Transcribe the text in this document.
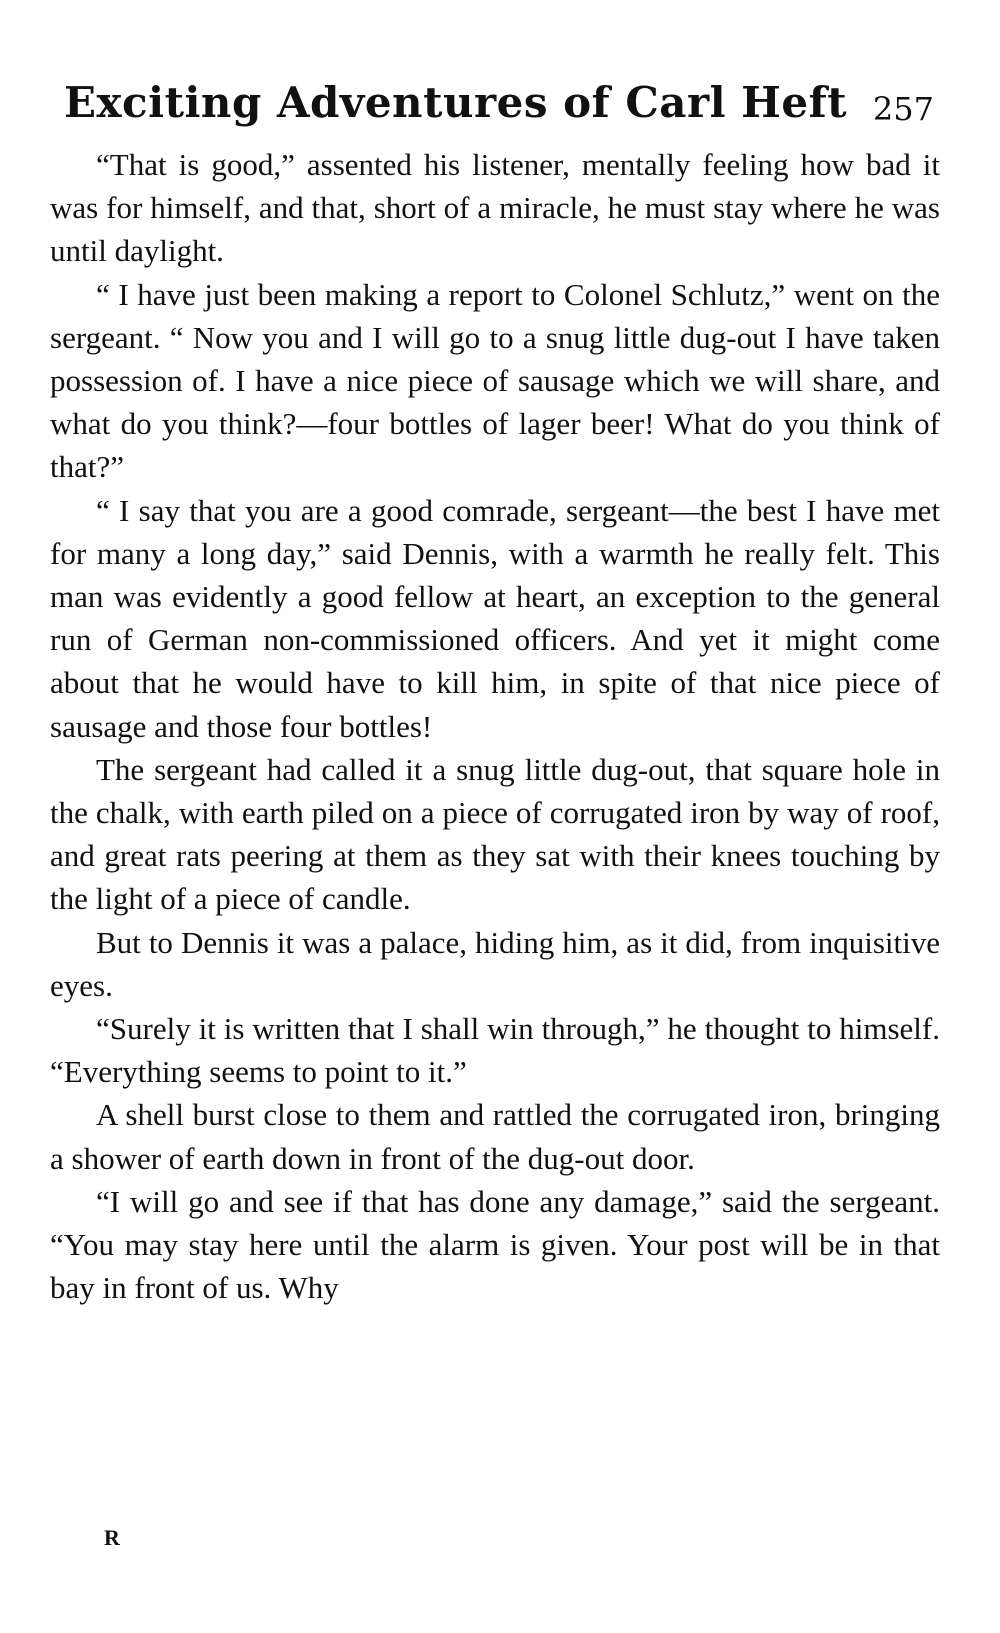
Exciting Adventures of Carl Heft 257

“That is good,” assented his listener, mentally feeling how bad it was for himself, and that, short of a miracle, he must stay where he was until daylight.

“ I have just been making a report to Colonel Schlutz,” went on the sergeant. “ Now you and I will go to a snug little dug-out I have taken possession of. I have a nice piece of sausage which we will share, and what do you think?—four bottles of lager beer! What do you think of that?”

“ I say that you are a good comrade, sergeant—the best I have met for many a long day,” said Dennis, with a warmth he really felt. This man was evidently a good fellow at heart, an exception to the general run of German non-commissioned officers. And yet it might come about that he would have to kill him, in spite of that nice piece of sausage and those four bottles!

The sergeant had called it a snug little dug-out, that square hole in the chalk, with earth piled on a piece of corrugated iron by way of roof, and great rats peering at them as they sat with their knees touching by the light of a piece of candle.

But to Dennis it was a palace, hiding him, as it did, from inquisitive eyes.

“Surely it is written that I shall win through,” he thought to himself. “Everything seems to point to it.”

A shell burst close to them and rattled the corrugated iron, bringing a shower of earth down in front of the dug-out door.

“I will go and see if that has done any damage,” said the sergeant. “You may stay here until the alarm is given. Your post will be in that bay in front of us. Why

R
